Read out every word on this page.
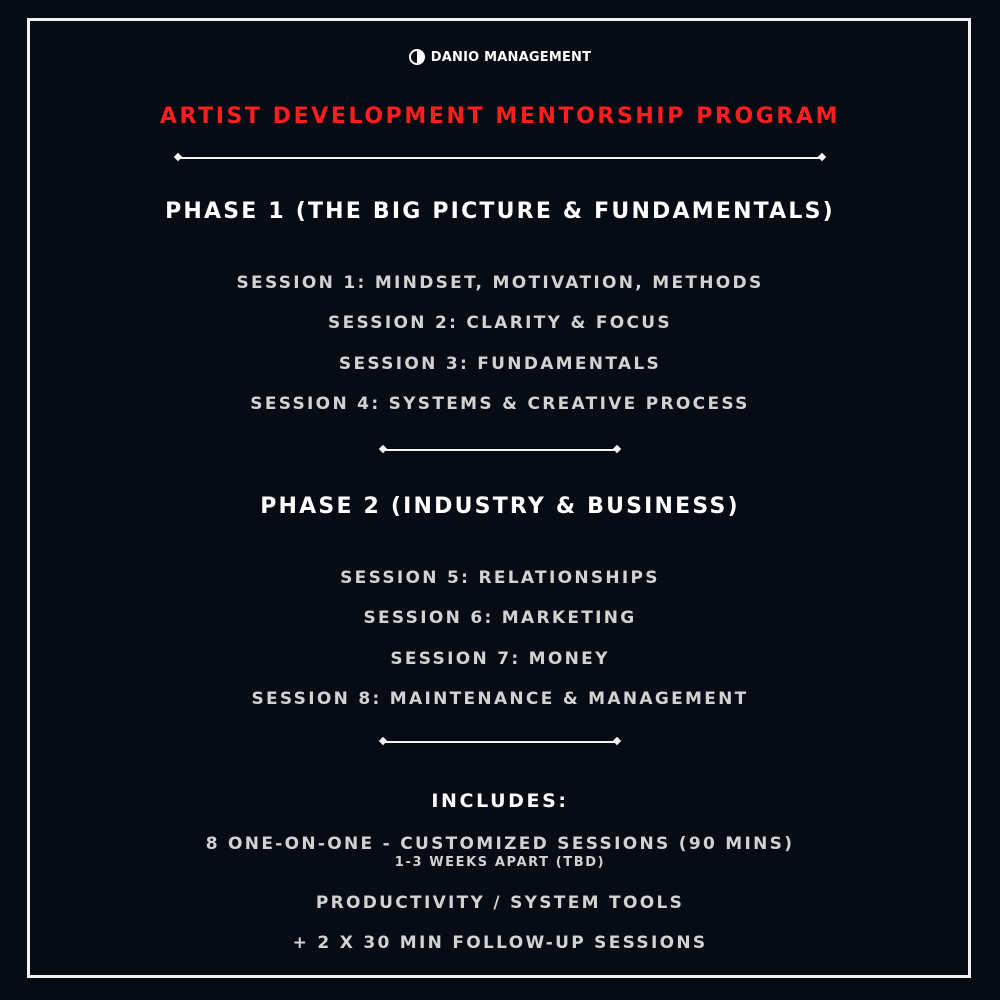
DANIO MANAGEMENT
ARTIST DEVELOPMENT MENTORSHIP PROGRAM
PHASE 1 (THE BIG PICTURE & FUNDAMENTALS)
SESSION 1: MINDSET, MOTIVATION, METHODS
SESSION 2: CLARITY & FOCUS
SESSION 3: FUNDAMENTALS
SESSION 4: SYSTEMS & CREATIVE PROCESS
PHASE 2 (INDUSTRY & BUSINESS)
SESSION 5: RELATIONSHIPS
SESSION 6: MARKETING
SESSION 7: MONEY
SESSION 8: MAINTENANCE & MANAGEMENT
INCLUDES:
8 ONE-ON-ONE - CUSTOMIZED SESSIONS (90 MINS)
1-3 WEEKS APART (TBD)
PRODUCTIVITY / SYSTEM TOOLS
+ 2 X 30 MIN FOLLOW-UP SESSIONS
